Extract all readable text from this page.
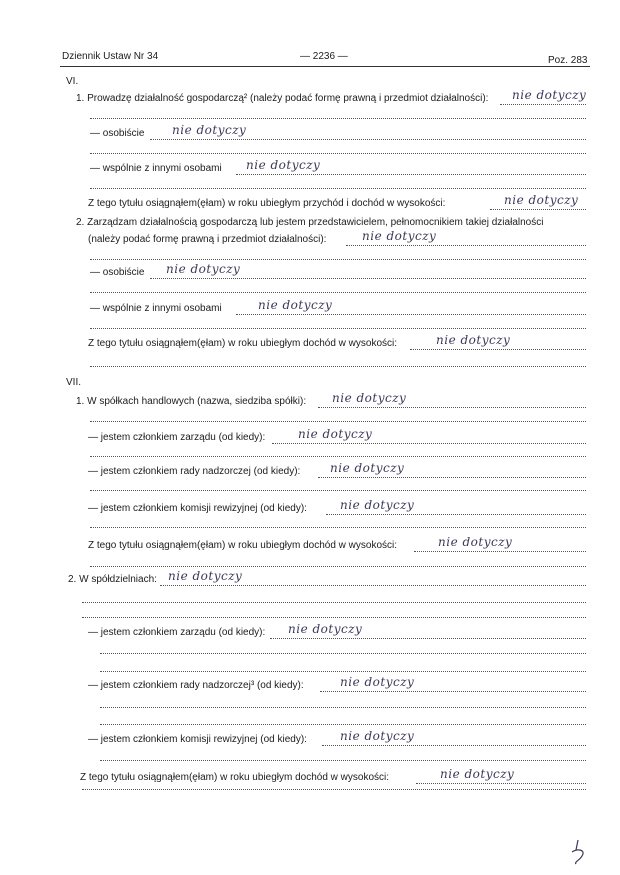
Dziennik Ustaw Nr 34	— 2236 —	Poz. 283
VI.
1. Prowadzę działalność gospodarczą² (należy podać formę prawną i przedmiot działalności): nie dotyczy
— osobiście nie dotyczy
— wspólnie z innymi osobami nie dotyczy
Z tego tytułu osiągnąłem(ęłam) w roku ubiegłym przychód i dochód w wysokości:	nie dotyczy
2. Zarządzam działalnością gospodarczą lub jestem przedstawicielem, pełnomocnikiem takiej działalności
(należy podać formę prawną i przedmiot działalności):	nie dotyczy
— osobiście nie dotyczy
— wspólnie z innymi osobami	nie dotyczy
Z tego tytułu osiągnąłem(ęłam) w roku ubiegłym dochód w wysokości:	nie dotyczy
VII.
1. W spółkach handlowych (nazwa, siedziba spółki): nie dotyczy
— jestem członkiem zarządu (od kiedy):	nie dotyczy
— jestem członkiem rady nadzorczej (od kiedy): nie dotyczy
— jestem członkiem komisji rewizyjnej (od kiedy):	nie dotyczy
Z tego tytułu osiągnąłem(ęłam) w roku ubiegłym dochód w wysokości:	nie dotyczy
2. W spółdzielniach: nie dotyczy
— jestem członkiem zarządu (od kiedy): nie dotyczy
— jestem członkiem rady nadzorczej³ (od kiedy):	nie dotyczy
— jestem członkiem komisji rewizyjnej (od kiedy):	nie dotyczy
Z tego tytułu osiągnąłem(ęłam) w roku ubiegłym dochód w wysokości:	nie dotyczy
